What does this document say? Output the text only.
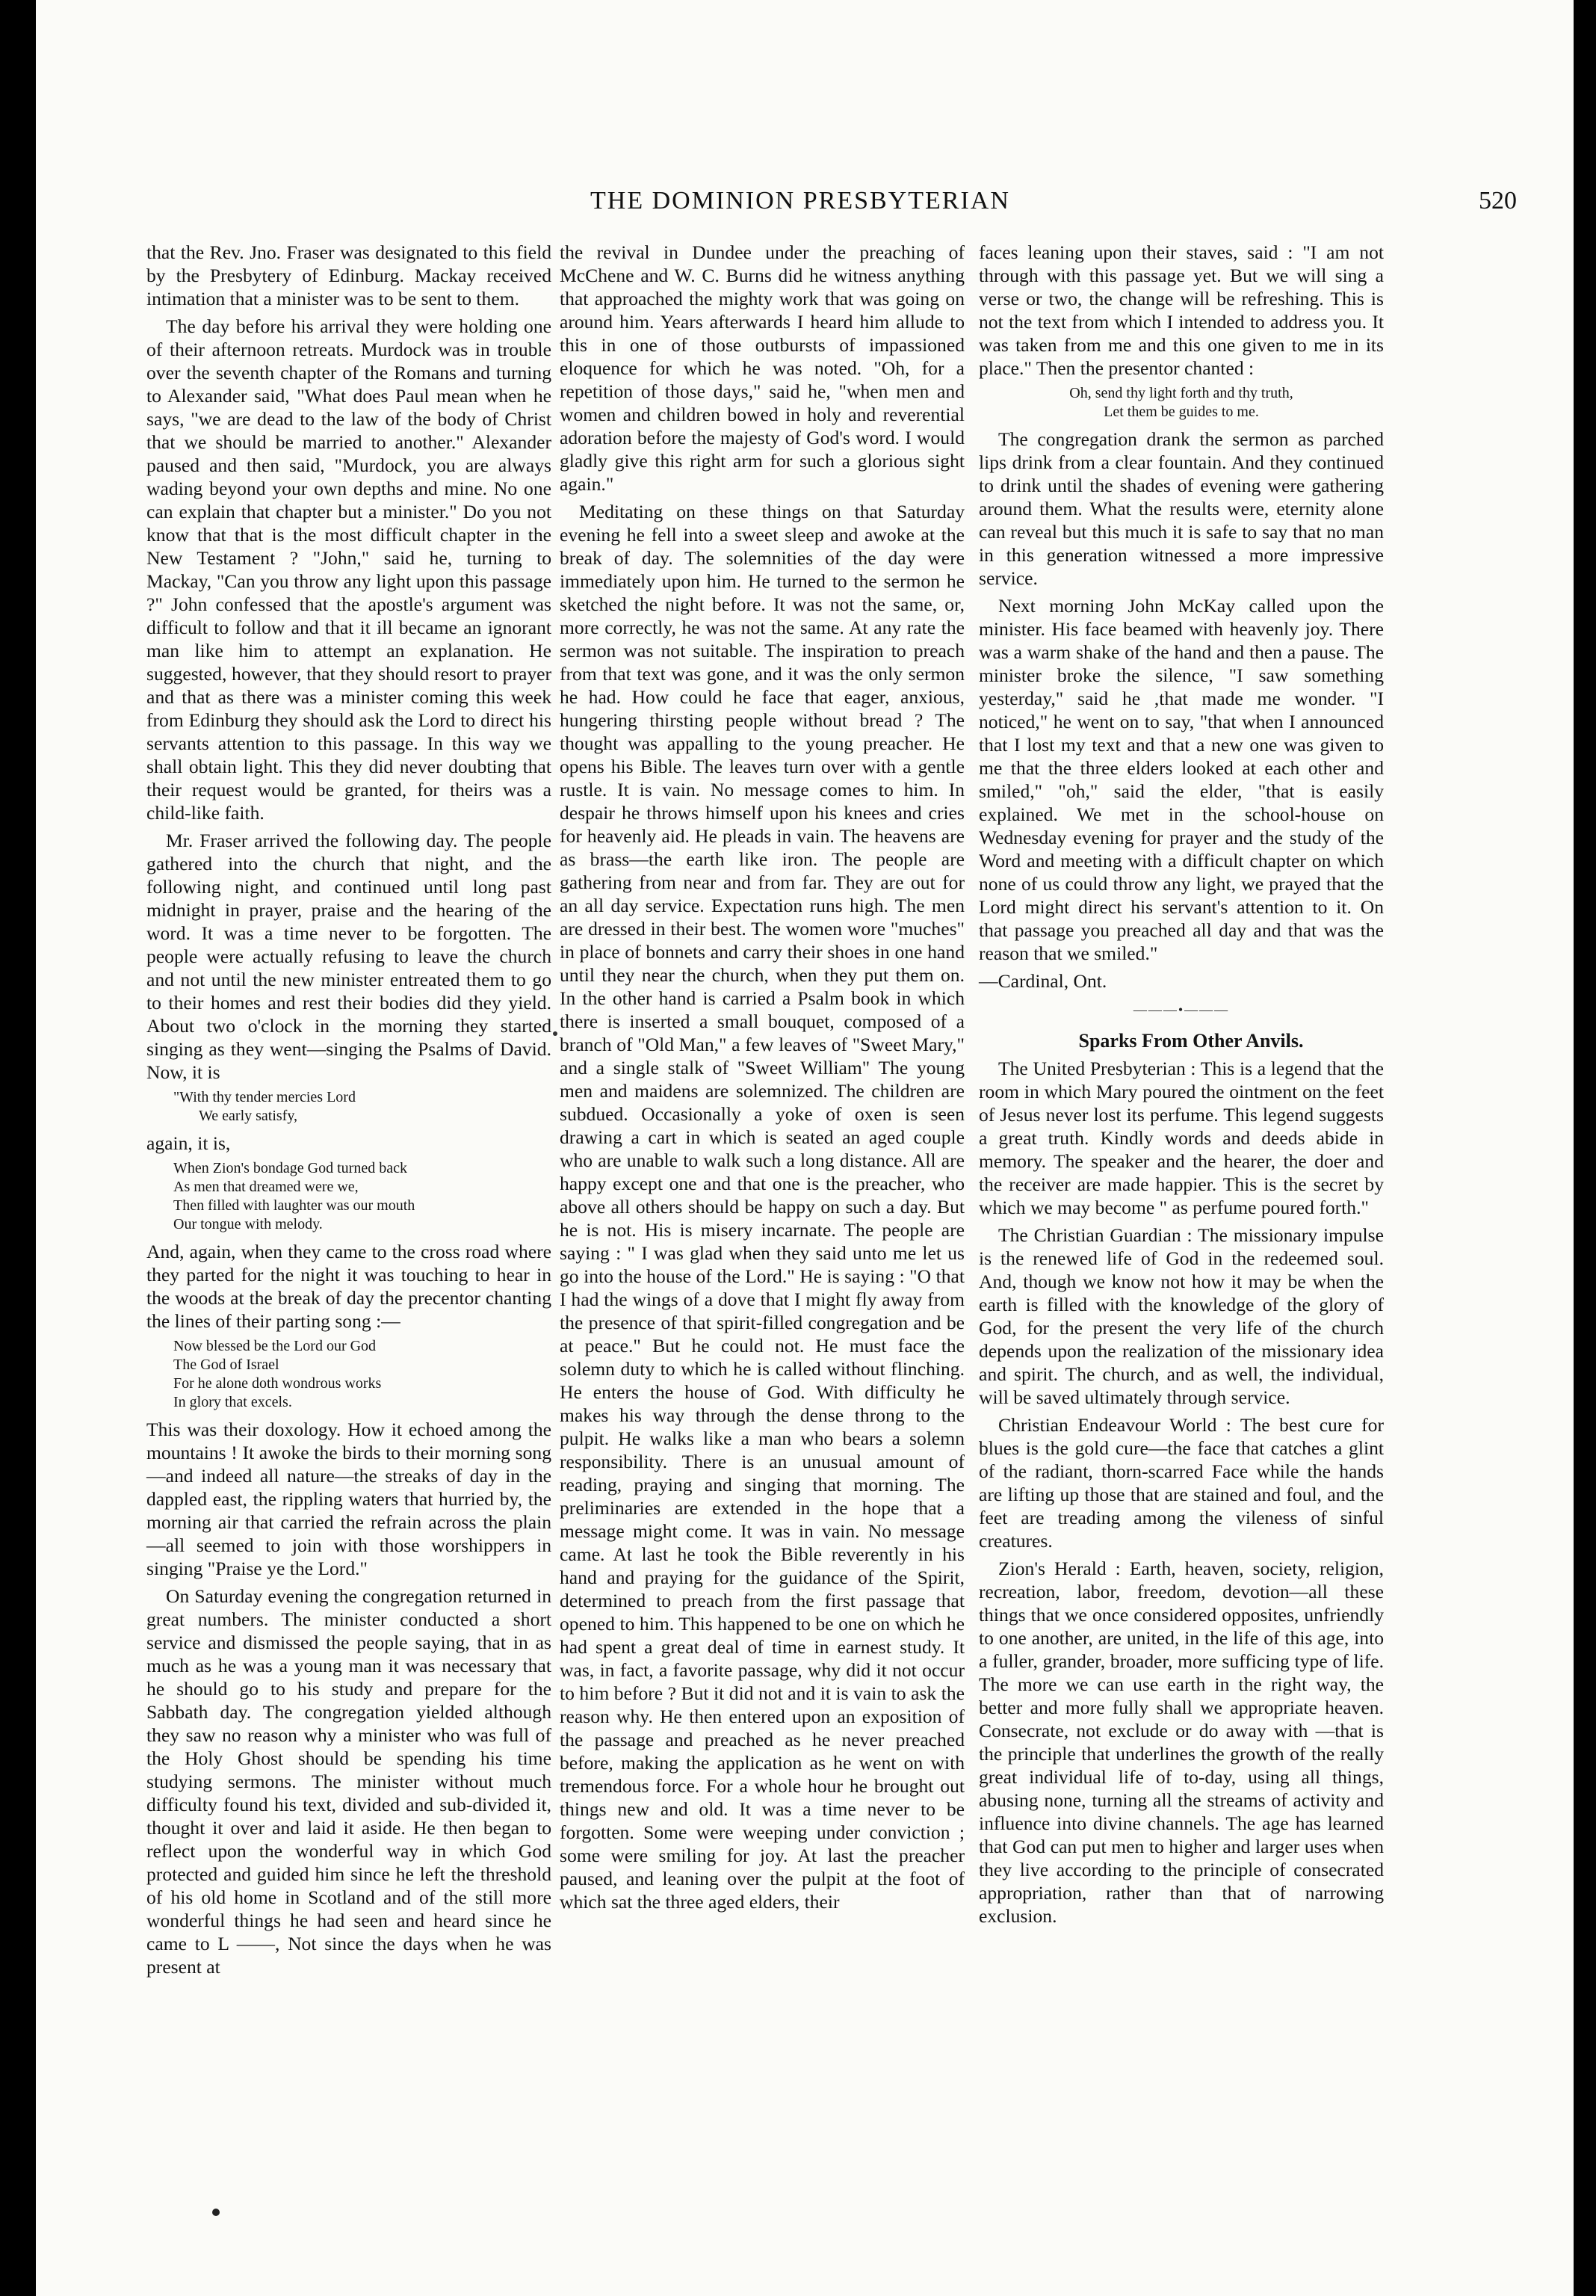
THE DOMINION PRESBYTERIAN	520

that the Rev. Jno. Fraser was designated to this field by the Presbytery of Edinburg. Mackay received intimation that a minister was to be sent to them.

The day before his arrival they were holding one of their afternoon retreats. Murdock was in trouble over the seventh chapter of the Romans and turning to Alexander said, "What does Paul mean when he says, "we are dead to the law of the body of Christ that we should be married to another." Alexander paused and then said, "Murdock, you are always wading beyond your own depths and mine. No one can explain that chapter but a minister." Do you not know that that is the most difficult chapter in the New Testament ? "John," said he, turning to Mackay, "Can you throw any light upon this passage ?" John confessed that the apostle's argument was difficult to follow and that it ill became an ignorant man like him to attempt an explanation. He suggested, however, that they should resort to prayer and that as there was a minister coming this week from Edinburg they should ask the Lord to direct his servants attention to this passage. In this way we shall obtain light. This they did never doubting that their request would be granted, for theirs was a child-like faith.

Mr. Fraser arrived the following day. The people gathered into the church that night, and the following night, and continued until long past midnight in prayer, praise and the hearing of the word. It was a time never to be forgotten. The people were actually refusing to leave the church and not until the new minister entreated them to go to their homes and rest their bodies did they yield. About two o'clock in the morning they started singing as they went—singing the Psalms of David. Now, it is

"With thy tender mercies Lord
We early satisfy,

again, it is,

When Zion's bondage God turned back
As men that dreamed were we,
Then filled with laughter was our mouth
Our tongue with melody.

And, again, when they came to the cross road where they parted for the night it was touching to hear in the woods at the break of day the precentor chanting the lines of their parting song :—

Now blessed be the Lord our God
The God of Israel
For he alone doth wondrous works
In glory that excels.

This was their doxology. How it echoed among the mountains ! It awoke the birds to their morning song—and indeed all nature—the streaks of day in the dappled east, the rippling waters that hurried by, the morning air that carried the refrain across the plain—all seemed to join with those worshippers in singing "Praise ye the Lord."

On Saturday evening the congregation returned in great numbers. The minister conducted a short service and dismissed the people saying, that in as much as he was a young man it was necessary that he should go to his study and prepare for the Sabbath day. The congregation yielded although they saw no reason why a minister who was full of the Holy Ghost should be spending his time studying sermons. The minister without much difficulty found his text, divided and sub-divided it, thought it over and laid it aside. He then began to reflect upon the wonderful way in which God protected and guided him since he left the threshold of his old home in Scotland and of the still more wonderful things he had seen and heard since he came to L ——, Not since the days when he was present at

the revival in Dundee under the preaching of McChene and W. C. Burns did he witness anything that approached the mighty work that was going on around him. Years afterwards I heard him allude to this in one of those outbursts of impassioned eloquence for which he was noted. "Oh, for a repetition of those days," said he, "when men and women and children bowed in holy and reverential adoration before the majesty of God's word. I would gladly give this right arm for such a glorious sight again."

Meditating on these things on that Saturday evening he fell into a sweet sleep and awoke at the break of day. The solemnities of the day were immediately upon him. He turned to the sermon he sketched the night before. It was not the same, or, more correctly, he was not the same. At any rate the sermon was not suitable. The inspiration to preach from that text was gone, and it was the only sermon he had. How could he face that eager, anxious, hungering thirsting people without bread ? The thought was appalling to the young preacher. He opens his Bible. The leaves turn over with a gentle rustle. It is vain. No message comes to him. In despair he throws himself upon his knees and cries for heavenly aid. He pleads in vain. The heavens are as brass—the earth like iron. The people are gathering from near and from far. They are out for an all day service. Expectation runs high. The men are dressed in their best. The women wore "muches" in place of bonnets and carry their shoes in one hand until they near the church, when they put them on. In the other hand is carried a Psalm book in which there is inserted a small bouquet, composed of a branch of "Old Man," a few leaves of "Sweet Mary," and a single stalk of "Sweet William" The young men and maidens are solemnized. The children are subdued. Occasionally a yoke of oxen is seen drawing a cart in which is seated an aged couple who are unable to walk such a long distance. All are happy except one and that one is the preacher, who above all others should be happy on such a day. But he is not. His is misery incarnate. The people are saying : " I was glad when they said unto me let us go into the house of the Lord." He is saying : "O that I had the wings of a dove that I might fly away from the presence of that spirit-filled congregation and be at peace." But he could not. He must face the solemn duty to which he is called without flinching. He enters the house of God. With difficulty he makes his way through the dense throng to the pulpit. He walks like a man who bears a solemn responsibility. There is an unusual amount of reading, praying and singing that morning. The preliminaries are extended in the hope that a message might come. It was in vain. No message came. At last he took the Bible reverently in his hand and praying for the guidance of the Spirit, determined to preach from the first passage that opened to him. This happened to be one on which he had spent a great deal of time in earnest study. It was, in fact, a favorite passage, why did it not occur to him before ? But it did not and it is vain to ask the reason why. He then entered upon an exposition of the passage and preached as he never preached before, making the application as he went on with tremendous force. For a whole hour he brought out things new and old. It was a time never to be forgotten. Some were weeping under conviction ; some were smiling for joy. At last the preacher paused, and leaning over the pulpit at the foot of which sat the three aged elders, their

faces leaning upon their staves, said : "I am not through with this passage yet. But we will sing a verse or two, the change will be refreshing. This is not the text from which I intended to address you. It was taken from me and this one given to me in its place." Then the presentor chanted :

Oh, send thy light forth and thy truth,
Let them be guides to me.

The congregation drank the sermon as parched lips drink from a clear fountain. And they continued to drink until the shades of evening were gathering around them. What the results were, eternity alone can reveal but this much it is safe to say that no man in this generation witnessed a more impressive service.

Next morning John McKay called upon the minister. His face beamed with heavenly joy. There was a warm shake of the hand and then a pause. The minister broke the silence, "I saw something yesterday," said he ,that made me wonder. "I noticed," he went on to say, "that when I announced that I lost my text and that a new one was given to me that the three elders looked at each other and smiled," "oh," said the elder, "that is easily explained. We met in the school-house on Wednesday evening for prayer and the study of the Word and meeting with a difficult chapter on which none of us could throw any light, we prayed that the Lord might direct his servant's attention to it. On that passage you preached all day and that was the reason that we smiled."

—Cardinal, Ont.

———•———

Sparks From Other Anvils.

The United Presbyterian : This is a legend that the room in which Mary poured the ointment on the feet of Jesus never lost its perfume. This legend suggests a great truth. Kindly words and deeds abide in memory. The speaker and the hearer, the doer and the receiver are made happier. This is the secret by which we may become " as perfume poured forth."

The Christian Guardian : The missionary impulse is the renewed life of God in the redeemed soul. And, though we know not how it may be when the earth is filled with the knowledge of the glory of God, for the present the very life of the church depends upon the realization of the missionary idea and spirit. The church, and as well, the individual, will be saved ultimately through service.

Christian Endeavour World : The best cure for blues is the gold cure—the face that catches a glint of the radiant, thorn-scarred Face while the hands are lifting up those that are stained and foul, and the feet are treading among the vileness of sinful creatures.

Zion's Herald : Earth, heaven, society, religion, recreation, labor, freedom, devotion—all these things that we once considered opposites, unfriendly to one another, are united, in the life of this age, into a fuller, grander, broader, more sufficing type of life. The more we can use earth in the right way, the better and more fully shall we appropriate heaven. Consecrate, not exclude or do away with —that is the principle that underlines the growth of the really great individual life of to-day, using all things, abusing none, turning all the streams of activity and influence into divine channels. The age has learned that God can put men to higher and larger uses when they live according to the principle of consecrated appropriation, rather than that of narrowing exclusion.
